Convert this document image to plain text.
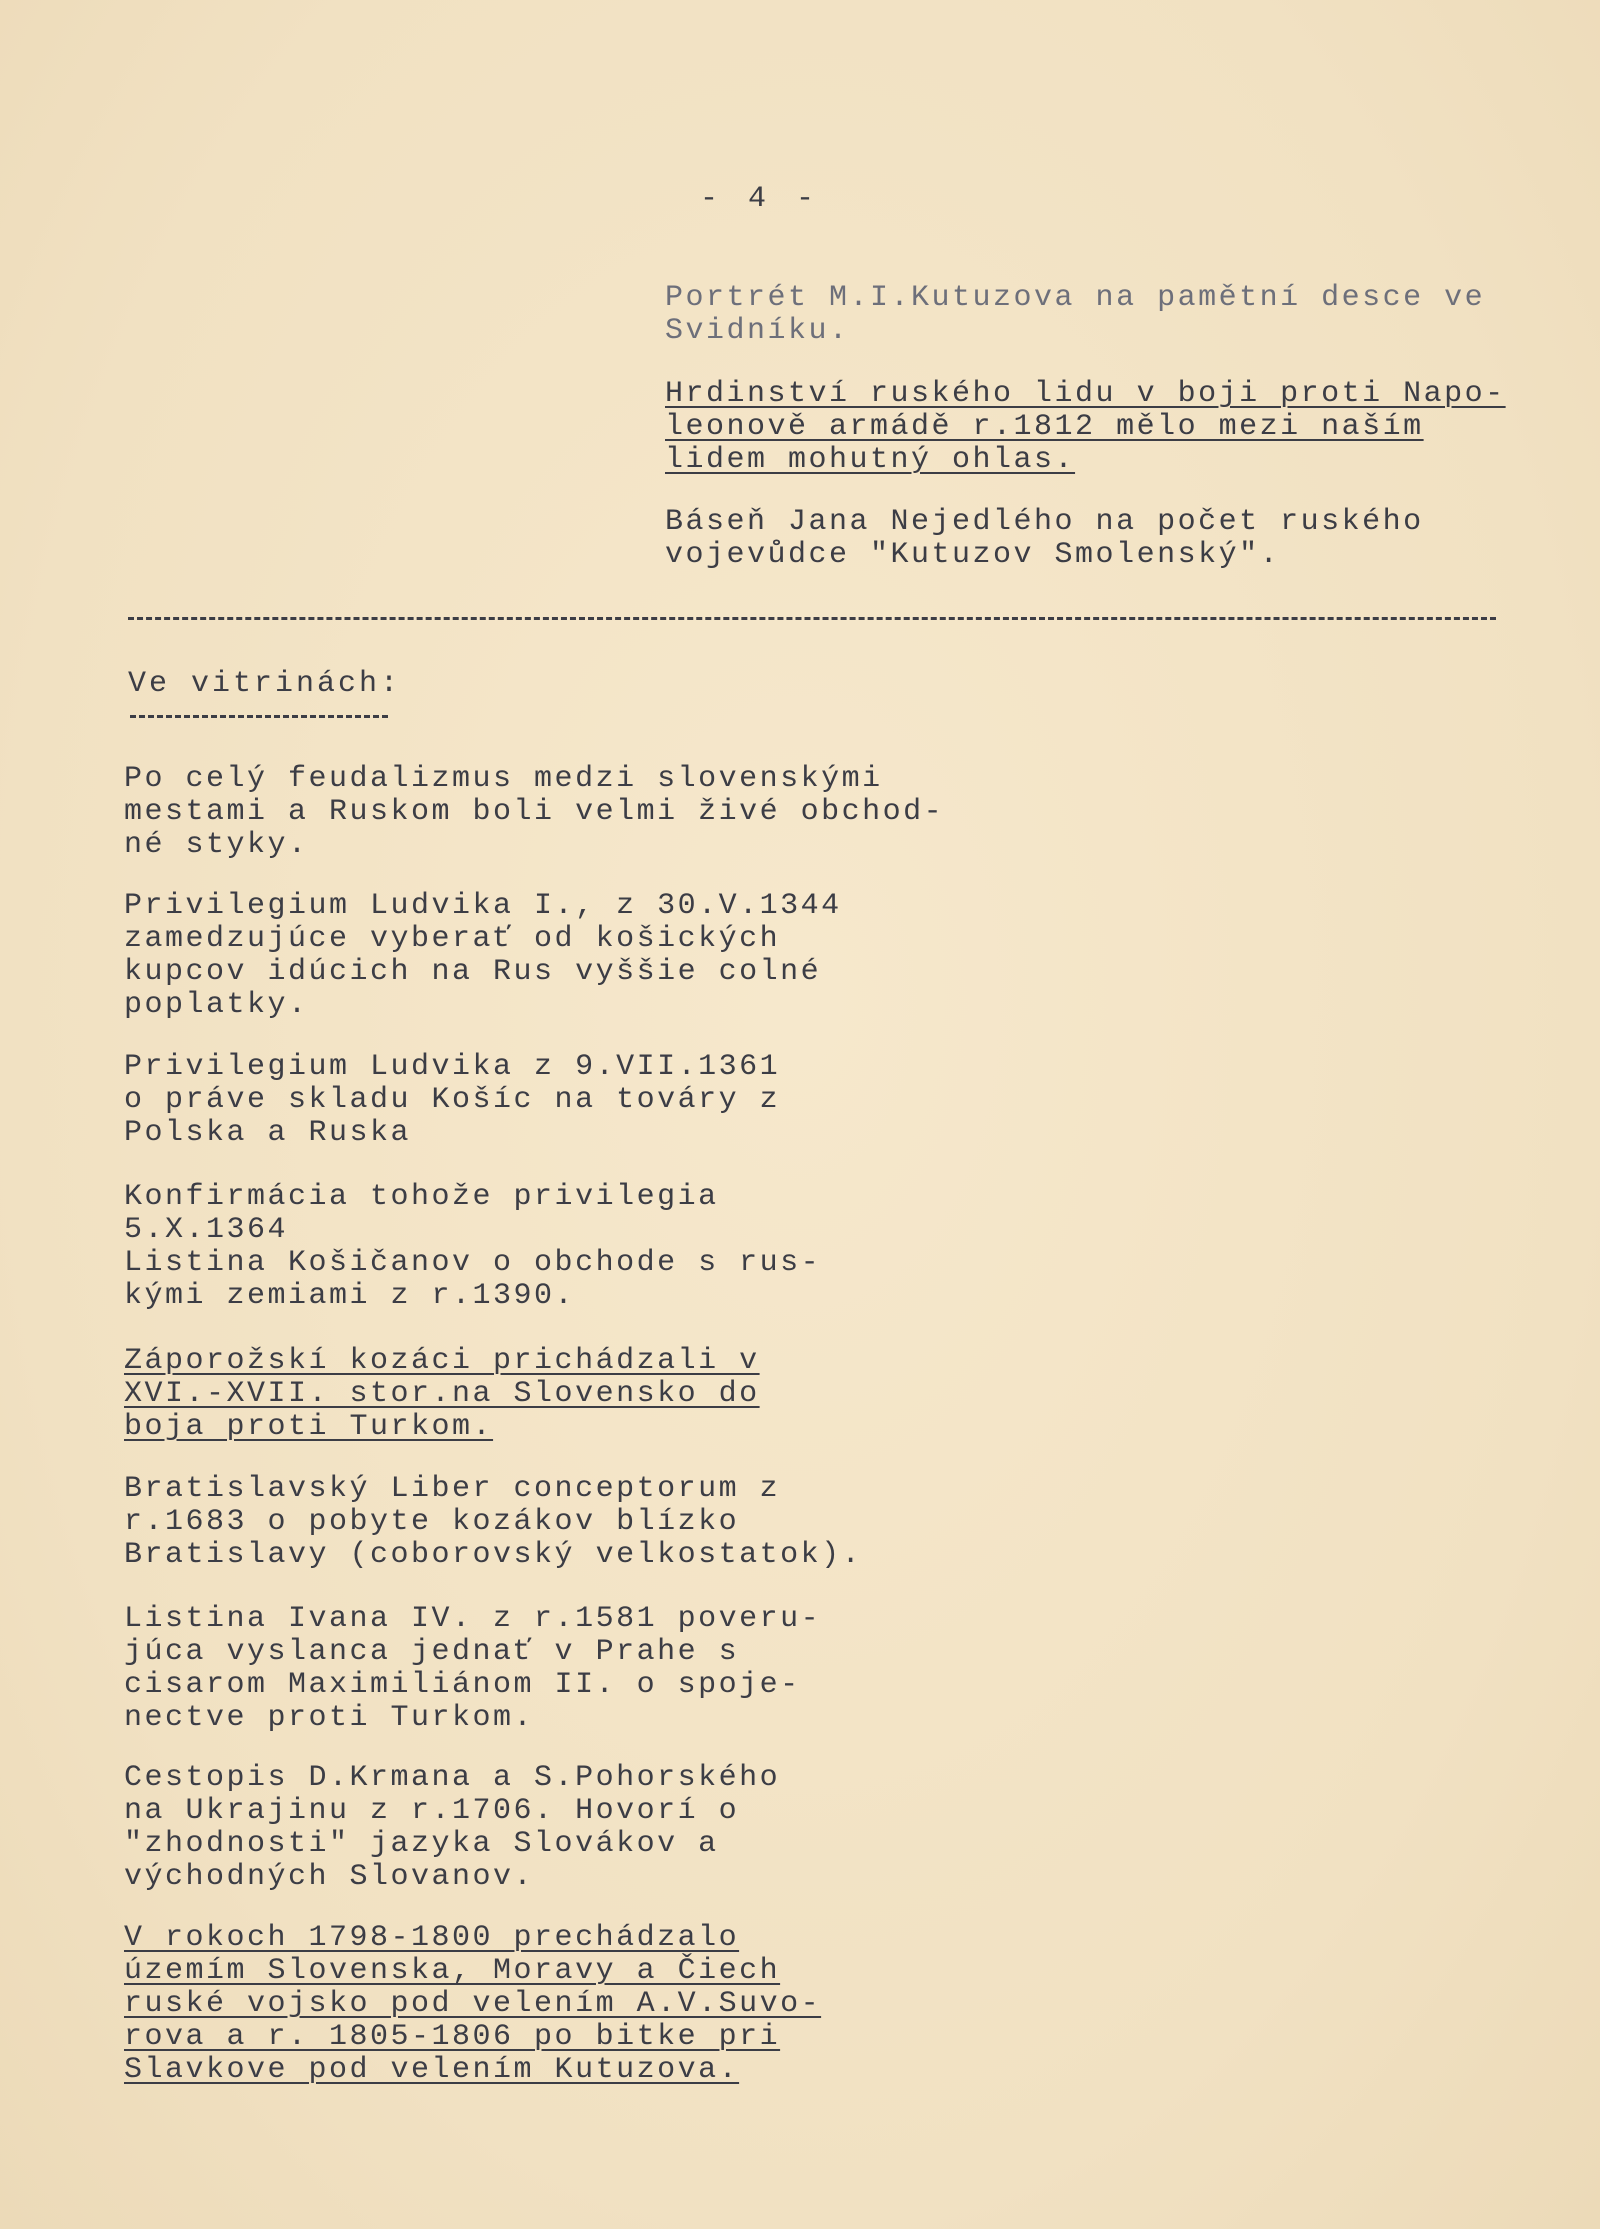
- 4 -
Portrét M.I.Kutuzova na pamětní desce ve
Svidníku.
Hrdinství ruského lidu v boji proti Napo-
leonově armádě r.1812 mělo mezi naším
lidem mohutný ohlas.
Báseň Jana Nejedlého na počet ruského
vojevůdce "Kutuzov Smolenský".
Ve vitrinách:
Po celý feudalizmus medzi slovenskými
mestami a Ruskom boli velmi živé obchod-
né styky.
Privilegium Ludvika I., z 30.V.1344
zamedzujúce vyberať od košických
kupcov idúcich na Rus vyššie colné
poplatky.
Privilegium Ludvika z 9.VII.1361
o práve skladu Košíc na továry z
Polska a Ruska
Konfirmácia tohože privilegia
5.X.1364
Listina Košičanov o obchode s rus-
kými zemiami z r.1390.
Záporožskí kozáci prichádzali v
XVI.-XVII. stor.na Slovensko do
boja proti Turkom.
Bratislavský Liber conceptorum z
r.1683 o pobyte kozákov blízko
Bratislavy (coborovský velkostatok).
Listina Ivana IV. z r.1581 poveru-
júca vyslanca jednať v Prahe s
cisarom Maximiliánom II. o spoje-
nectve proti Turkom.
Cestopis D.Krmana a S.Pohorského
na Ukrajinu z r.1706. Hovorí o
"zhodnosti" jazyka Slovákov a
východných Slovanov.
V rokoch 1798-1800 prechádzalo
územím Slovenska, Moravy a Čiech
ruské vojsko pod velením A.V.Suvo-
rova a r. 1805-1806 po bitke pri
Slavkove pod velením Kutuzova.
